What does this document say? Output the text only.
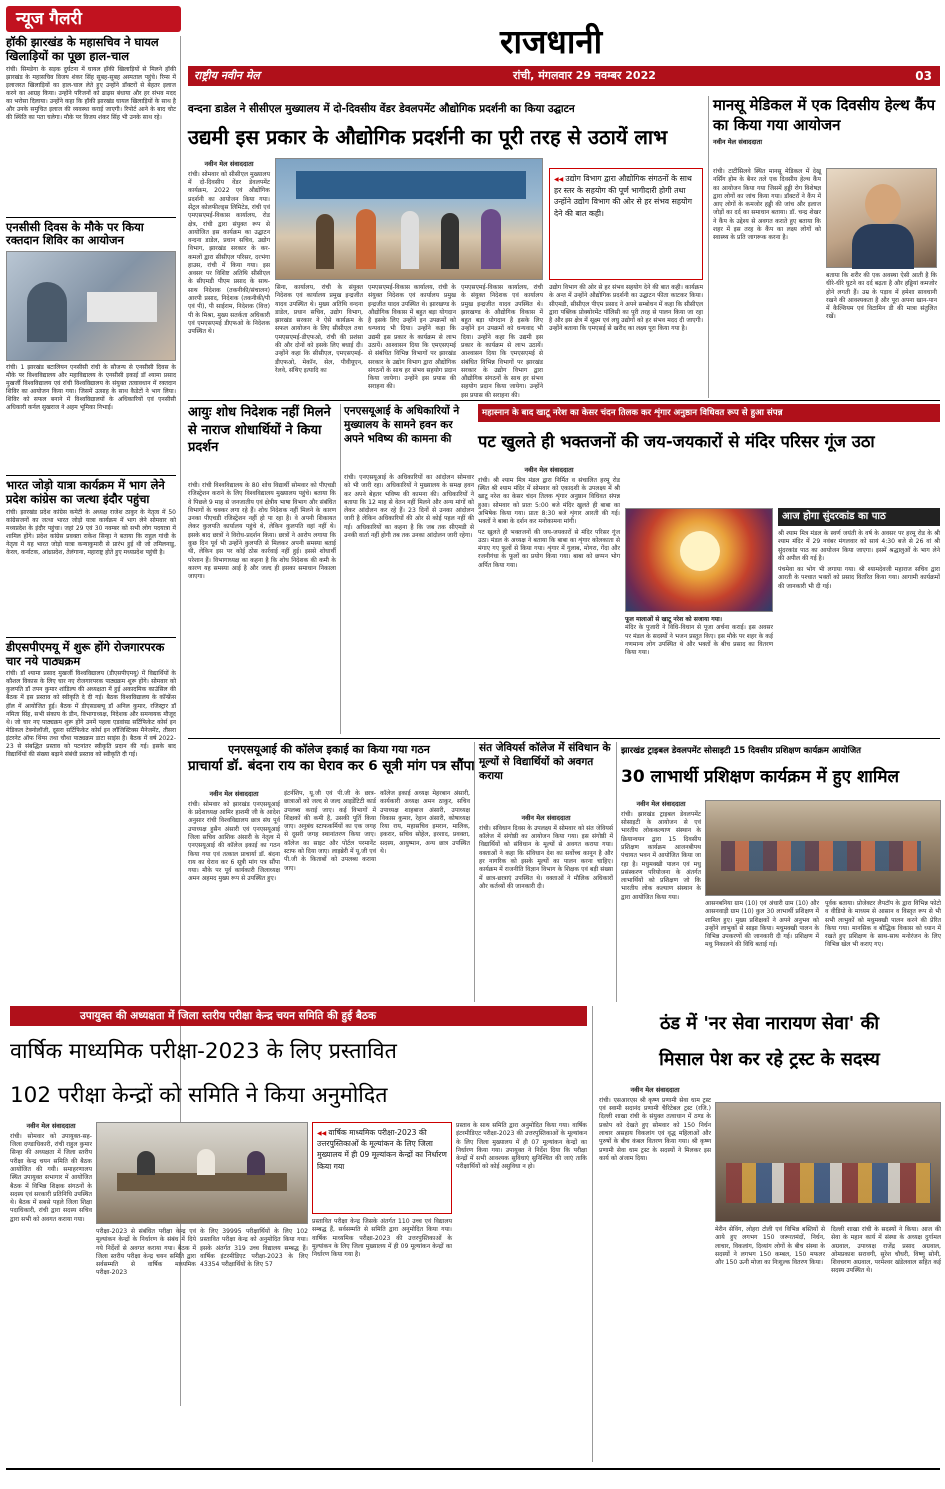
न्यूज गैलरी
राजधानी
राष्ट्रीय नवीन मेल	रांची, मंगलवार 29 नवम्बर 2022	03
हॉकी झारखंड के महासचिव ने घायल खिलाड़ियों का पूछा हाल-चाल
रांची। सिमडेगा के सड़क दुर्घटना में घायल हॉकी खिलाड़ियों से मिलने हॉकी झारखंड के महासचिव विजय शंकर सिंह सुबह-सुबह अस्पताल पहुंचे। रिम्स में इलाजरत खिलाड़ियों का हाल-चाल लेते हुए उन्होंने डॉक्टरों से बेहतर इलाज करने का आग्रह किया। उन्होंने परिजनों को ढाढ़स बंधाया और हर संभव मदद का भरोसा दिलाया। उन्होंने कहा कि हॉकी झारखंड घायल खिलाड़ियों के साथ है और उनके समुचित इलाज की व्यवस्था कराई जाएगी। रिपोर्ट आने के बाद चोट की स्थिति का पता चलेगा। मौके पर विजय शंकर सिंह भी उनके साथ रहे।
एनसीसी दिवस के मौके पर किया रक्तदान शिविर का आयोजन
रांची। 1 झारखंड बटालियन एनसीसी रांची के सौजन्य से एनसीसी दिवस के मौके पर विश्वविद्यालय और महाविद्यालय के एनसीसी इकाई डॉ श्यामा प्रसाद मुखर्जी विश्वविद्यालय एवं रांची विश्वविद्यालय के संयुक्त तत्वावधान में रक्तदान शिविर का आयोजन किया गया। जिसमें उत्साह के साथ कैडेटों ने भाग लिया। शिविर को सफल बनाने में विश्वविद्यालयों के अधिकारियों एवं एनसीसी अधिकारी कर्नल सुखराज ने अहम भूमिका निभाई।
भारत जोड़ो यात्रा कार्यक्रम में भाग लेने प्रदेश कांग्रेस का जत्था इंदौर पहुंचा
रांची। झारखंड प्रदेश कांग्रेस कमेटी के अध्यक्ष राजेश ठाकुर के नेतृत्व में 50 कांग्रेसजनों का जत्था भारत जोड़ो यात्रा कार्यक्रम में भाग लेने सोमवार को मध्यप्रदेश के इंदौर पहुंचा। जहां 29 एवं 30 नवम्बर को सभी लोग पदयात्रा में शामिल होंगे। प्रदेश कांग्रेस प्रवक्ता राकेश सिन्हा ने बताया कि राहुल गांधी के नेतृत्व में यह भारत जोड़ो यात्रा कन्याकुमारी से प्रारंभ हुई थी जो तमिलनाडु, केरल, कर्नाटक, आंध्रप्रदेश, तेलंगाना, महाराष्ट्र होते हुए मध्यप्रदेश पहुंची है।
डीएसपीएमयू में शुरू होंगे रोजगारपरक चार नये पाठ्यक्रम
रांची। डॉ श्यामा प्रसाद मुखर्जी विश्वविद्यालय (डीएसपीएमयू) में विद्यार्थियों के कौशल विकास के लिए चार नए रोजगारपरक पाठ्यक्रम शुरू होंगे। सोमवार को कुलपति डॉ तपन कुमार शांडिल्य की अध्यक्षता में हुई अकादमिक काउंसिल की बैठक में इस प्रस्ताव को स्वीकृति दे दी गई। बैठक विश्वविद्यालय के कॉन्फ्रेंस हॉल में आयोजित हुई। बैठक में डीएसडब्ल्यू डॉ अनिल कुमार, रजिस्ट्रार डॉ नमिता सिंह, सभी संकाय के डीन, विभागाध्यक्ष, निदेशक और समन्वयक मौजूद थे। जो चार नए पाठ्यक्रम शुरू होंगे उनमें पहला एडवांस्ड सर्टिफिकेट कोर्स इन मेडिकल टेक्नोलॉजी, दूसरा सर्टिफिकेट कोर्स इन लॉजिस्टिक्स मैनेजमेंट, तीसरा इंटरनेट ऑफ थिंग्स तथा चौथा पाठ्यक्रम डाटा साइंस है। बैठक में वर्ष 2022-23 से संबद्धित प्रस्ताव को पटनांतर स्वीकृति प्रदान की गई। इसके बाद विद्यार्थियों की संख्या बढ़ाने संबंधी प्रस्ताव को स्वीकृति दी गई।
वन्दना डाडेल ने सीसीएल मुख्यालय में दो-दिवसीय वेंडर डेवलपमेंट औद्योगिक प्रदर्शनी का किया उद्घाटन
उद्यमी इस प्रकार के औद्योगिक प्रदर्शनी का पूरी तरह से उठायें लाभ
नवीन मेल संवाददाता
रांची। सोमवार को सीसीएल मुख्यालय में दो-दिवसीय वेंडर डेवलपमेंट कार्यक्रम, 2022 एवं औद्योगिक प्रदर्शनी का आयोजन किया गया। सेंट्रल कोलफील्ड्स लिमिटेड, रांची एवं एमएसएमई-विकास कार्यालय, रोड क्षेत्र, रांची द्वारा संयुक्त रूप से आयोजित इस कार्यक्रम का उद्घाटन वन्दना डाडेल, प्रधान सचिव, उद्योग विभाग, झारखंड सरकार के कर-कमलों द्वारा सीसीएल परिसर, दरभंगा हाउस, रांची में किया गया। इस अवसर पर विशिष्ट अतिथि सीसीएल के सीएमडी पीएम प्रसाद के साथ-साथ निदेशक (तकनीकी/संचालन) आरपी प्रसाद, निदेशक (तकनीकी/पी एवं पी), पी साईराम, निदेशक (वित्त) पी के मिश्रा, मुख्य सतर्कता अधिकारी एवं एमएसएमई डीएफओ के निदेशक उपस्थित थे।
सिना, कार्यालय, रांची के संयुक्त निदेशक एवं कार्यालय प्रमुख इन्द्रजीत यादव उपस्थित थे। मुख्य अतिथि वन्दना डाडेल, प्रधान सचिव, उद्योग विभाग, झारखंड सरकार ने ऐसे कार्यक्रम के सफल आयोजन के लिए सीसीएल तथा एमएसएमई-डीएफओ, रांची की प्रशंसा की और दोनों को इसके लिए बधाई दी। उन्होंने कहा कि सीसीएल, एमएसएमई-डीएफओ, मेकॉन, सेल, पीवीयूएन, रेलवे, संथिए इत्यादि का
एमएसएमई-विकास कार्यालय, रांची के संयुक्त निदेशक एवं कार्यालय प्रमुख इन्द्रजीत यादव उपस्थित थे। झारखण्ड के औद्योगिक विकास में बहुत बड़ा योगदान है इसके लिए उन्होंने इन उपक्रमों को धन्यवाद भी दिया। उन्होंने कहा कि उद्यमी इस प्रकार के कार्यक्रम से लाभ उठायें। आश्वासन दिया कि एमएसएमई से संबंधित विभिन्न विभागों पर झारखंड सरकार के उद्योग विभाग द्वारा औद्योगिक संगठनों के साथ हर संभव सहयोग प्रदान किया जायेगा। उन्होंने इस प्रयास की सराहना की।
एमएसएमई-विकास कार्यालय, रांची के संयुक्त निदेशक एवं कार्यालय प्रमुख इन्द्रजीत यादव उपस्थित थे। झारखण्ड के औद्योगिक विकास में बहुत बड़ा योगदान है इसके लिए उन्होंने इन उपक्रमों को धन्यवाद भी दिया। उन्होंने कहा कि उद्यमी इस प्रकार के कार्यक्रम से लाभ उठायें। आश्वासन दिया कि एमएसएमई से संबंधित विभिन्न विभागों पर झारखंड सरकार के उद्योग विभाग द्वारा औद्योगिक संगठनों के साथ हर संभव सहयोग प्रदान किया जायेगा। उन्होंने इस प्रयास की सराहना की।
◀◀ उद्योग विभाग द्वारा औद्योगिक संगठनों के साथ हर स्तर के सहयोग की पूर्ण भागीदारी होगी तथा उन्होंने उद्योग विभाग की ओर से हर संभव सहयोग देने की बात कही।
उद्योग विभाग की ओर से हर संभव सहयोग देने की बात कही। कार्यक्रम के अन्त में उन्होंने औद्योगिक प्रदर्शनी का उद्घाटन फीता काटकर किया। सीएमडी, सीसीएल पीएम प्रसाद ने अपने सम्बोधन में कहा कि सीसीएल द्वारा पब्लिक प्रोक्योरमेंट पॉलिसी का पूरी तरह से पालन किया जा रहा है और इस क्षेत्र में सूक्ष्म एवं लघु उद्योगों को हर संभव मदद दी जाएगी। उन्होंने बताया कि एमएसई से खरीद का लक्ष्य पूरा किया गया है।
मानसू मेडिकल में एक दिवसीय हेल्थ कैंप का किया गया आयोजन
नवीन मेल संवाददाता
रांची। टाटीसिलवे स्थित मानसू मेडिकल में देखू नर्सिंग होम के बैनर तले एक दिवसीय हेल्थ कैंप का आयोजन किया गया जिसमें हड्डी रोग विशेषज्ञ द्वारा लोगों का जांच किया गया। डॉक्टरों ने कैंप में आए लोगों के कमजोर हड्डी की जांच और इलाज जोड़ों का दर्द का समाधान बताया। डॉ. चन्द्र शेखर ने कैंप के उद्देश्य से अवगत कराते हुए बताया कि शहर में इस तरह के कैंप का लक्ष्य लोगों को स्वास्थ्य के प्रति जागरूक करना है।
बताया कि शरीर की एक अवस्था ऐसी आती है कि धीरे-धीरे घुटने का दर्द बढ़ता है और हड्डियां कमजोर होने लगती हैं। उम्र के पड़ाव में हमेशा सावधानी रखने की आवश्यकता है और पूरा अपना खान-पान में कैल्शियम एवं विटामिन डी की मात्रा संतुलित रखें।
आयुः शोध निदेशक नहीं मिलने से नाराज शोधार्थियों ने किया प्रदर्शन
रांची। रांची विश्वविद्यालय के 80 शोध विद्यार्थी सोमवार को पीएचडी रजिस्ट्रेशन कराने के लिए विश्वविद्यालय मुख्यालय पहुंचे। बताया कि वे पिछले 9 माह से जनजातीय एवं क्षेत्रीय भाषा विभाग और संबंधित विभागों के चक्कर लगा रहे हैं। शोध निदेशक नहीं मिलने के कारण उनका पीएचडी रजिस्ट्रेशन नहीं हो पा रहा है। वे अपनी शिकायत लेकर कुलपति कार्यालय पहुंचे थे, लेकिन कुलपति वहां नहीं थे। इसके बाद छात्रों ने विरोध-प्रदर्शन किया। छात्रों ने आरोप लगाया कि कुछ दिन पूर्व भी उन्होंने कुलपति से मिलकर अपनी समस्या बताई थी, लेकिन इस पर कोई ठोस कार्रवाई नहीं हुई। इससे शोधार्थी परेशान हैं। विभागाध्यक्ष का कहना है कि शोध निदेशक की कमी के कारण यह समस्या आई है और जल्द ही इसका समाधान निकाला जाएगा।
एनएसयूआई के अधिकारियों ने मुख्यालय के सामने हवन कर अपने भविष्य की कामना की
रांची। एनएसयूआई के अधिकारियों का आंदोलन सोमवार को भी जारी रहा। अधिकारियों ने मुख्यालय के समक्ष हवन कर अपने बेहतर भविष्य की कामना की। अधिकारियों ने बताया कि 12 माह से वेतन नहीं मिलने और अन्य मांगों को लेकर आंदोलन कर रहे हैं। 23 दिनों से उनका आंदोलन जारी है लेकिन अधिकारियों की ओर से कोई पहल नहीं की गई। अधिकारियों का कहना है कि जब तक सीएमडी से उनकी वार्ता नहीं होगी तब तक उनका आंदोलन जारी रहेगा।
महास्नान के बाद खाटू नरेश का केसर चंदन तिलक कर शृंगार अनुष्ठान विधिवत रूप से हुआ संपन्न
पट खुलते ही भक्तजनों की जय-जयकारों से मंदिर परिसर गूंज उठा
नवीन मेल संवाददाता
रांची। श्री श्याम मित्र मंडल द्वारा निर्मित व संचालित हरमू रोड स्थित श्री श्याम मंदिर में सोमवार को एकादशी के उपलक्ष्य में श्री खाटू नरेश का केसर चंदन तिलक शृंगार अनुष्ठान विधिवत संपन्न हुआ। सोमवार को प्रातः 5:00 बजे मंदिर खुलते ही बाबा का अभिषेक किया गया। प्रातः 8:30 बजे शृंगार आरती की गई। भक्तों ने बाबा के दर्शन कर मनोकामना मांगी।
पट खुलते ही भक्तजनों की जय-जयकारों से मंदिर परिसर गूंज उठा। मंडल के अध्यक्ष ने बताया कि बाबा का शृंगार कोलकाता से मंगाए गए फूलों से किया गया। शृंगार में गुलाब, मोगरा, गेंदा और रजनीगंधा के फूलों का प्रयोग किया गया। बाबा को छप्पन भोग अर्पित किया गया।
फूल मालाओं से खाटू नरेश को सजाया गया।
मंदिर के पुजारी ने विधि-विधान से पूजा अर्चना कराई। इस अवसर पर मंडल के सदस्यों ने भजन प्रस्तुत किए। इस मौके पर शहर के कई गणमान्य लोग उपस्थित थे और भक्तों के बीच प्रसाद का वितरण किया गया।
आज होगा सुंदरकांड का पाठ
श्री श्याम मित्र मंडल के स्वर्ण जयंती के वर्ष के अवसर पर हरमू रोड के श्री श्याम मंदिर में 29 नवंबर मंगलवार को सायं 4:30 बजे से 26 वां श्री सुंदरकांड पाठ का आयोजन किया जाएगा। इसमें श्रद्धालुओं के भाग लेने की अपील की गई है।
पंचमेवा का भोग भी लगाया गया। श्री श्यामदेवजी महाराज सचिव द्वारा आरती के पश्चात भक्तों को प्रसाद वितरित किया गया। आगामी कार्यक्रमों की जानकारी भी दी गई।
एनएसयूआई की कॉलेज इकाई का किया गया गठन
प्राचार्या डॉ. बंदना राय का घेराव कर 6 सूत्री मांग पत्र सौंपा
नवीन मेल संवाददाता
रांची। सोमवार को झारखंड एनएसयूआई के प्रदेशाध्यक्ष आमिर हाशमी जी के आदेश अनुसार रांची विश्वविद्यालय छात्र संघ पूर्व उपाध्यक्ष हुसैन अंसारी एवं एनएसयूआई जिला सचिव आशिक अंसारी के नेतृत्व में एनएसयूआई की कॉलेज इकाई का गठन किया गया एवं तत्काल प्राचार्या डॉ. बंदना राय का घेराव कर 6 सूत्री मांग पत्र सौंपा गया। मौके पर पूर्व कार्यकारी जिलाध्यक्ष अमन अहमद मुख्य रूप से उपस्थित हुए।
इंटर्नशिप, यू.जी एवं पी.जी के छात्र-छात्राओं को जल्द से जल्द आइडेंटिटी कार्ड उपलब्ध कराई जाए। कई विभागों में शिक्षकों की कमी है, उसकी पूर्ति किया जाए। अनुबंध स्टाफकर्मियों का एक जगह से दूसरी जगह स्थानांतरण किया जाए। कॉलेज का साइट और पोर्टल परमानेंट स्टाफ को दिया जाए। लाइब्रेरी में यू.जी एवं पी.जी के किताबों को उपलब्ध कराया जाए।
कॉलेज इकाई अध्यक्ष मेहरबान अंसारी, कार्यकारी अध्यक्ष अमन ठाकुर, सचिव उपाध्यक्ष शाहबाज अंसारी, उपाध्यक्ष विकास कुमार, रेहान अंसारी, कोषाध्यक्ष रिया राय, महासचिव इमरान, मालिक, इकरार, सचिव सोहेल, इरशाद, प्रवक्ता, सदस्य, आयुष्मान, अन्य छात्र उपस्थित थे।
संत जेवियर्स कॉलेज में संविधान के मूल्यों से विद्यार्थियों को अवगत कराया
नवीन मेल संवाददाता
रांची। संविधान दिवस के उपलक्ष्य में सोमवार को संत जेवियर्स कॉलेज में संगोष्ठी का आयोजन किया गया। इस संगोष्ठी में विद्यार्थियों को संविधान के मूल्यों से अवगत कराया गया। वक्ताओं ने कहा कि संविधान देश का सर्वोच्च कानून है और हर नागरिक को इसके मूल्यों का पालन करना चाहिए। कार्यक्रम में राजनीति विज्ञान विभाग के शिक्षक एवं बड़ी संख्या में छात्र-छात्राएं उपस्थित थे। वक्ताओं ने मौलिक अधिकारों और कर्तव्यों की जानकारी दी।
झारखंड ट्राइबल डेवलपमेंट सोसाइटी 15 दिवसीय प्रशिक्षण कार्यक्रम आयोजित
30 लाभार्थी प्रशिक्षण कार्यक्रम में हुए शामिल
नवीन मेल संवाददाता
रांची। झारखंड ट्राइबल डेवलपमेंट सोसाइटी के आयोजन से एवं भारतीय लोककल्याण संस्थान के क्रियान्वयन द्वारा 15 दिवसीय प्रशिक्षण कार्यक्रम आजनबीपथ पंचायत भवन में आयोजित किया जा रहा है। मधुमक्खी पालन एवं मधु प्रसंस्करण परियोजना के अंतर्गत लाभार्थियों को प्रशिक्षण जो कि भारतीय लोक कल्याण संस्थान के द्वारा आयोजित किया गया।
आसनबनिया ग्राम (10) एवं अंधारी ग्राम (10) और आसनवाड़ी ग्राम (10) कुल 30 लाभार्थी प्रशिक्षण में शामिल हुए। मुख्य प्रशिक्षकों ने अपने अनुभव को उन्होंने लाभुकों से साझा किया। मधुमक्खी पालन के विभिन्न उपकरणों की जानकारी दी गई। प्रशिक्षण में मधु निकालने की विधि बताई गई।
पूर्वक बताया। प्रोजेक्टर लैपटॉप के द्वारा विभिन्न फोटो व वीडियो के माध्यम से आसान व विस्तृत रूप से भी सभी लाभुकों को मधुमक्खी पालन करने की प्रेरित किया गया। मानसिक व बौद्धिक विकास को ध्यान में रखते हुए प्रशिक्षण के साथ-साथ मनोरंजन के लिए विभिन्न खेल भी कराए गए।
उपायुक्त की अध्यक्षता में जिला स्तरीय परीक्षा केन्द्र चयन समिति की हुई बैठक
वार्षिक माध्यमिक परीक्षा-2023 के लिए प्रस्तावित
102 परीक्षा केन्द्रों को समिति ने किया अनुमोदित
नवीन मेल संवाददाता
रांची। सोमवार को उपायुक्त-सह-जिला दण्डाधिकारी, रांची राहुल कुमार सिन्हा की अध्यक्षता में जिला स्तरीय परीक्षा केन्द्र चयन समिति की बैठक आयोजित की गयी। समाहरणालय स्थित उपायुक्त सभागार में आयोजित बैठक में विभिन्न शिक्षक संगठनों के सदस्य एवं सरकारी प्रतिनिधि उपस्थित थे। बैठक में सबसे पहले जिला शिक्षा पदाधिकारी, रांची द्वारा सदस्य सचिव द्वारा सभी को अवगत कराया गया।
परीक्षा-2023 से संबंधित परीक्षा केन्द्र एवं मूल्यांकन केन्द्रों के निर्धारण के संबंध में दिये गये निर्देशों से अवगत कराया गया। बैठक में जिला स्तरीय परीक्षा केन्द्र चयन समिति द्वारा सर्वसम्मति से वार्षिक माध्यमिक परीक्षा-2023
के लिए 39995 परीक्षार्थियों के लिए 102 प्रस्तावित परीक्षा केन्द्र को अनुमोदित किया गया। इसके अंतर्गत 319 उच्च विद्यालय सम्बद्ध हैं। वार्षिक इंटरमीडिएट परीक्षा-2023 के लिए 43354 परीक्षार्थियों के लिए 57
◀◀ वार्षिक माध्यमिक परीक्षा-2023 की उत्तरपुस्तिकाओं के मूल्यांकन के लिए जिला मुख्यालय में ही 09 मूल्यांकन केन्द्रों का निर्धारण किया गया
प्रस्तावित परीक्षा केन्द्र जिसके अंतर्गत 110 उच्च एवं विद्यालय सम्बद्ध हैं, सर्वसम्मति से समिति द्वारा अनुमोदित किया गया। वार्षिक माध्यमिक परीक्षा-2023 की उत्तरपुस्तिकाओं के मूल्यांकन के लिए जिला मुख्यालय में ही 09 मूल्यांकन केन्द्रों का निर्धारण किया गया है।
प्रस्ताव के साथ समिति द्वारा अनुमोदित किया गया। वार्षिक इंटरमीडिएट परीक्षा-2023 की उत्तरपुस्तिकाओं के मूल्यांकन के लिए जिला मुख्यालय में ही 07 मूल्यांकन केन्द्रों का निर्धारण किया गया। उपायुक्त ने निर्देश दिया कि परीक्षा केन्द्रों में सभी आवश्यक सुविधाएं सुनिश्चित की जाएं ताकि परीक्षार्थियों को कोई असुविधा न हो।
ठंड में 'नर सेवा नारायण सेवा' की
मिसाल पेश कर रहे ट्रस्ट के सदस्य
नवीन मेल संवाददाता
रांची। एसआरएस श्री कृष्ण प्रणामी सेवा धाम ट्रस्ट एवं स्वामी सदानंद प्रणामी चैरिटेबल ट्रस्ट (रजि.) दिल्ली शाखा रांची के संयुक्त तत्वाधान में ठण्ड के प्रकोप को देखते हुए सोमवार को 150 निर्धन लाचार असहाय विकलांग एवं वृद्ध महिलाओं और पुरुषों के बीच कंबल वितरण किया गया। श्री कृष्ण प्रणामी सेवा धाम ट्रस्ट के सदस्यों ने मिलकर इस कार्य को अंजाम दिया।
मेरीन सेविंग, लोहरा टोली एवं विभिन्न बस्तियों से आये हुए लगभग 150 जरूरतमंदों, निर्धन, लाचार, विकलांग, दिव्यांग लोगों के बीच संस्था के सदस्यों ने लगभग 150 कम्बल, 150 मफलर और 150 ऊनी मोजा का निःशुल्क वितरण किया।
दिल्ली शाखा रांची के सदस्यों ने किया। आज की सेवा के महान कार्य में संस्था के अध्यक्ष दुर्गामल अग्रवाल, उपाध्यक्ष राजेंद्र प्रसाद अग्रवाल, ओमप्रकाश सरावगी, सुरेश चौधरी, विष्णु सोनी, शिवचरण अग्रवाल, परमेश्वर खंडेलवाल सहित कई सदस्य उपस्थित थे।
